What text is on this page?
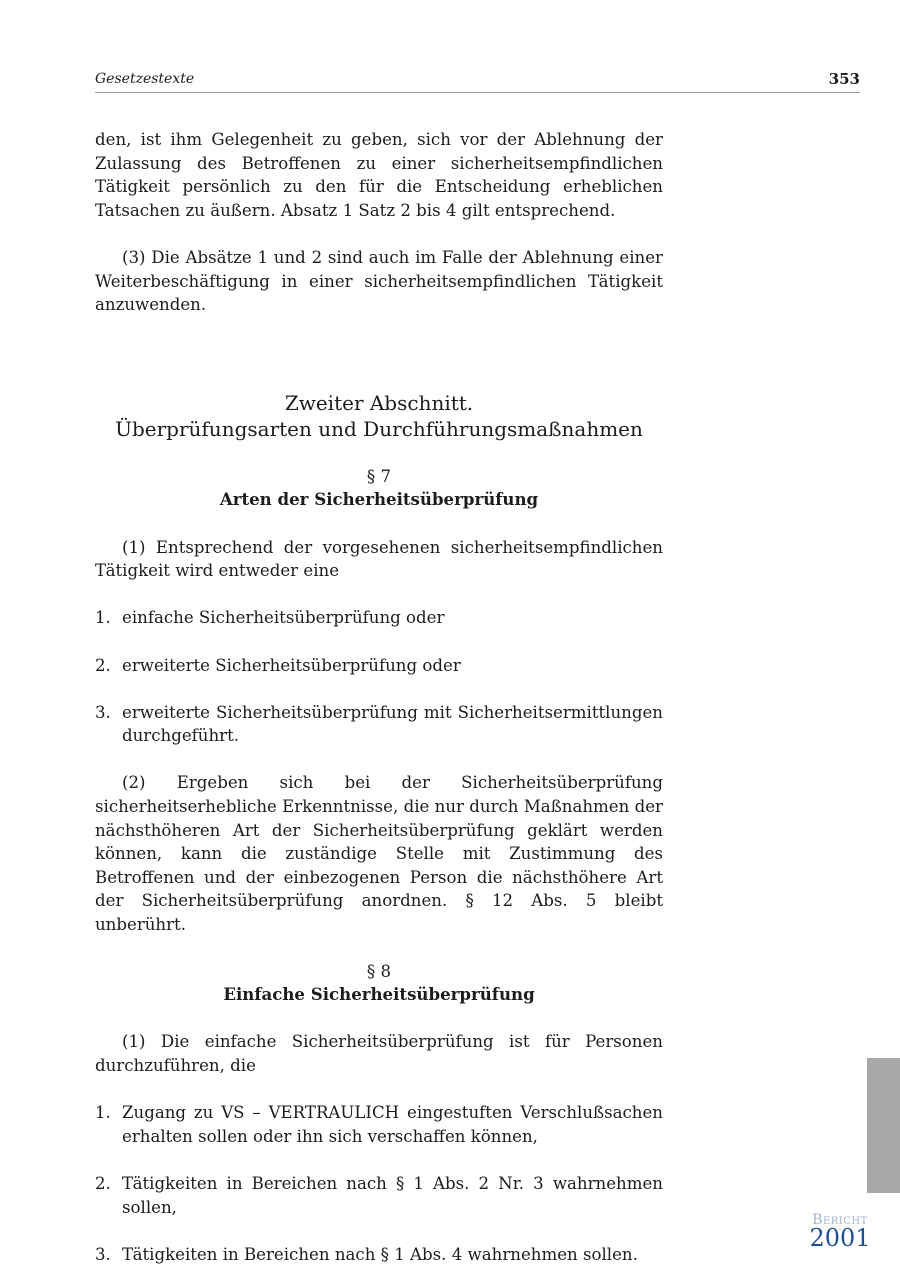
Gesetzestexte	353

den, ist ihm Gelegenheit zu geben, sich vor der Ablehnung der Zulassung des Betroffenen zu einer sicherheitsempfindlichen Tätigkeit persönlich zu den für die Entscheidung erheblichen Tatsachen zu äußern. Absatz 1 Satz 2 bis 4 gilt entsprechend.

(3) Die Absätze 1 und 2 sind auch im Falle der Ablehnung einer Weiterbeschäftigung in einer sicherheitsempfindlichen Tätigkeit anzuwenden.

Zweiter Abschnitt.
Überprüfungsarten und Durchführungsmaßnahmen
§ 7
Arten der Sicherheitsüberprüfung

(1) Entsprechend der vorgesehenen sicherheitsempfindlichen Tätigkeit wird entweder eine

1. einfache Sicherheitsüberprüfung oder
2. erweiterte Sicherheitsüberprüfung oder
3. erweiterte Sicherheitsüberprüfung mit Sicherheitsermittlungen durchgeführt.

(2) Ergeben sich bei der Sicherheitsüberprüfung sicherheitserhebliche Erkenntnisse, die nur durch Maßnahmen der nächsthöheren Art der Sicherheitsüberprüfung geklärt werden können, kann die zuständige Stelle mit Zustimmung des Betroffenen und der einbezogenen Person die nächsthöhere Art der Sicherheitsüberprüfung anordnen. § 12 Abs. 5 bleibt unberührt.

§ 8
Einfache Sicherheitsüberprüfung

(1) Die einfache Sicherheitsüberprüfung ist für Personen durchzuführen, die

1. Zugang zu VS – VERTRAULICH eingestuften Verschlußsachen erhalten sollen oder ihn sich verschaffen können,
2. Tätigkeiten in Bereichen nach § 1 Abs. 2 Nr. 3 wahrnehmen sollen,
3. Tätigkeiten in Bereichen nach § 1 Abs. 4 wahrnehmen sollen.
Bericht
2001
